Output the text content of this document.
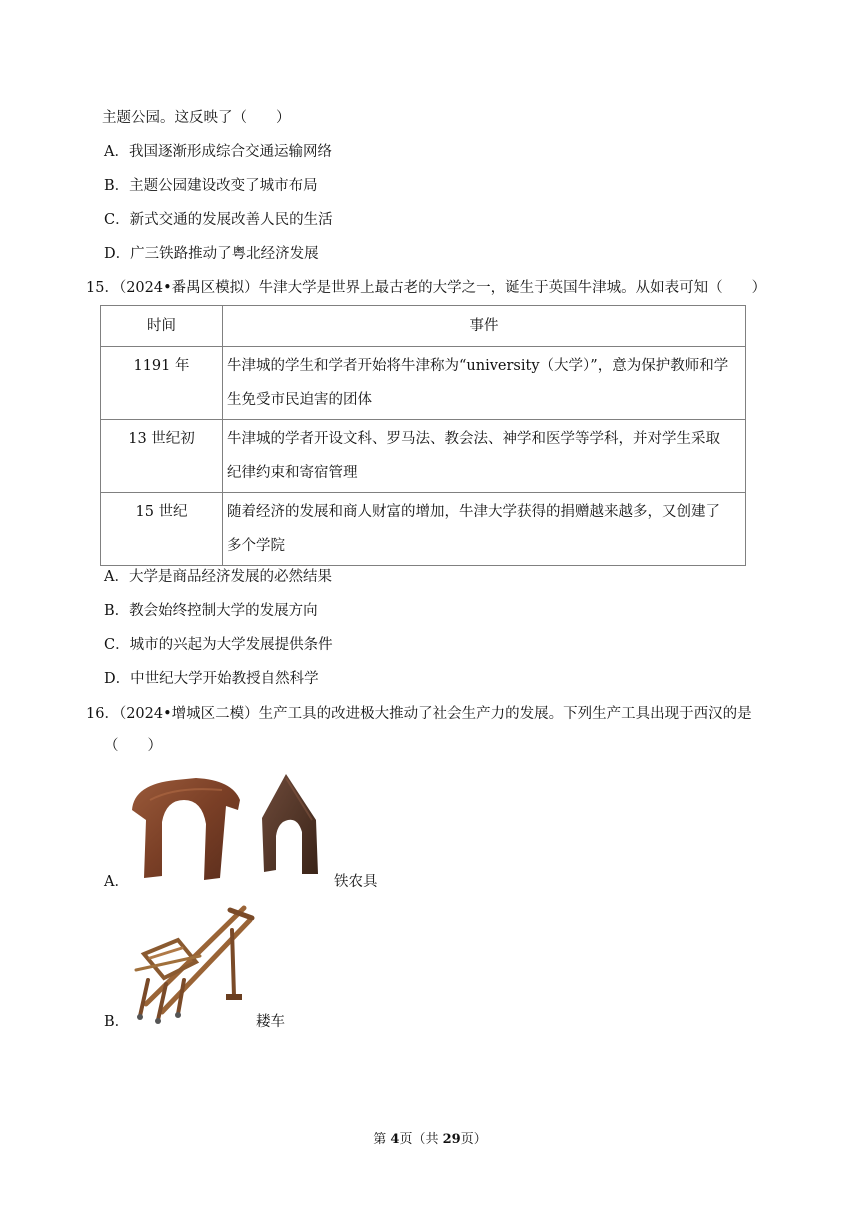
主题公园。这反映了（　　）
A．我国逐渐形成综合交通运输网络
B．主题公园建设改变了城市布局
C．新式交通的发展改善人民的生活
D．广三铁路推动了粤北经济发展
15．（2024•番禺区模拟）牛津大学是世界上最古老的大学之一，诞生于英国牛津城。从如表可知（　　）
时间	事件
1191 年	牛津城的学生和学者开始将牛津称为“university（大学）”，意为保护教师和学
生免受市民迫害的团体

13 世纪初	牛津城的学者开设文科、罗马法、教会法、神学和医学等学科，并对学生采取
纪律约束和寄宿管理

15 世纪	随着经济的发展和商人财富的增加，牛津大学获得的捐赠越来越多，又创建了
多个学院
A．大学是商品经济发展的必然结果
B．教会始终控制大学的发展方向
C．城市的兴起为大学发展提供条件
D．中世纪大学开始教授自然科学
16．（2024•增城区二模）生产工具的改进极大推动了社会生产力的发展。下列生产工具出现于西汉的是
（　　）
A．	铁农具
B．	耧车
第 4页（共 29页）
